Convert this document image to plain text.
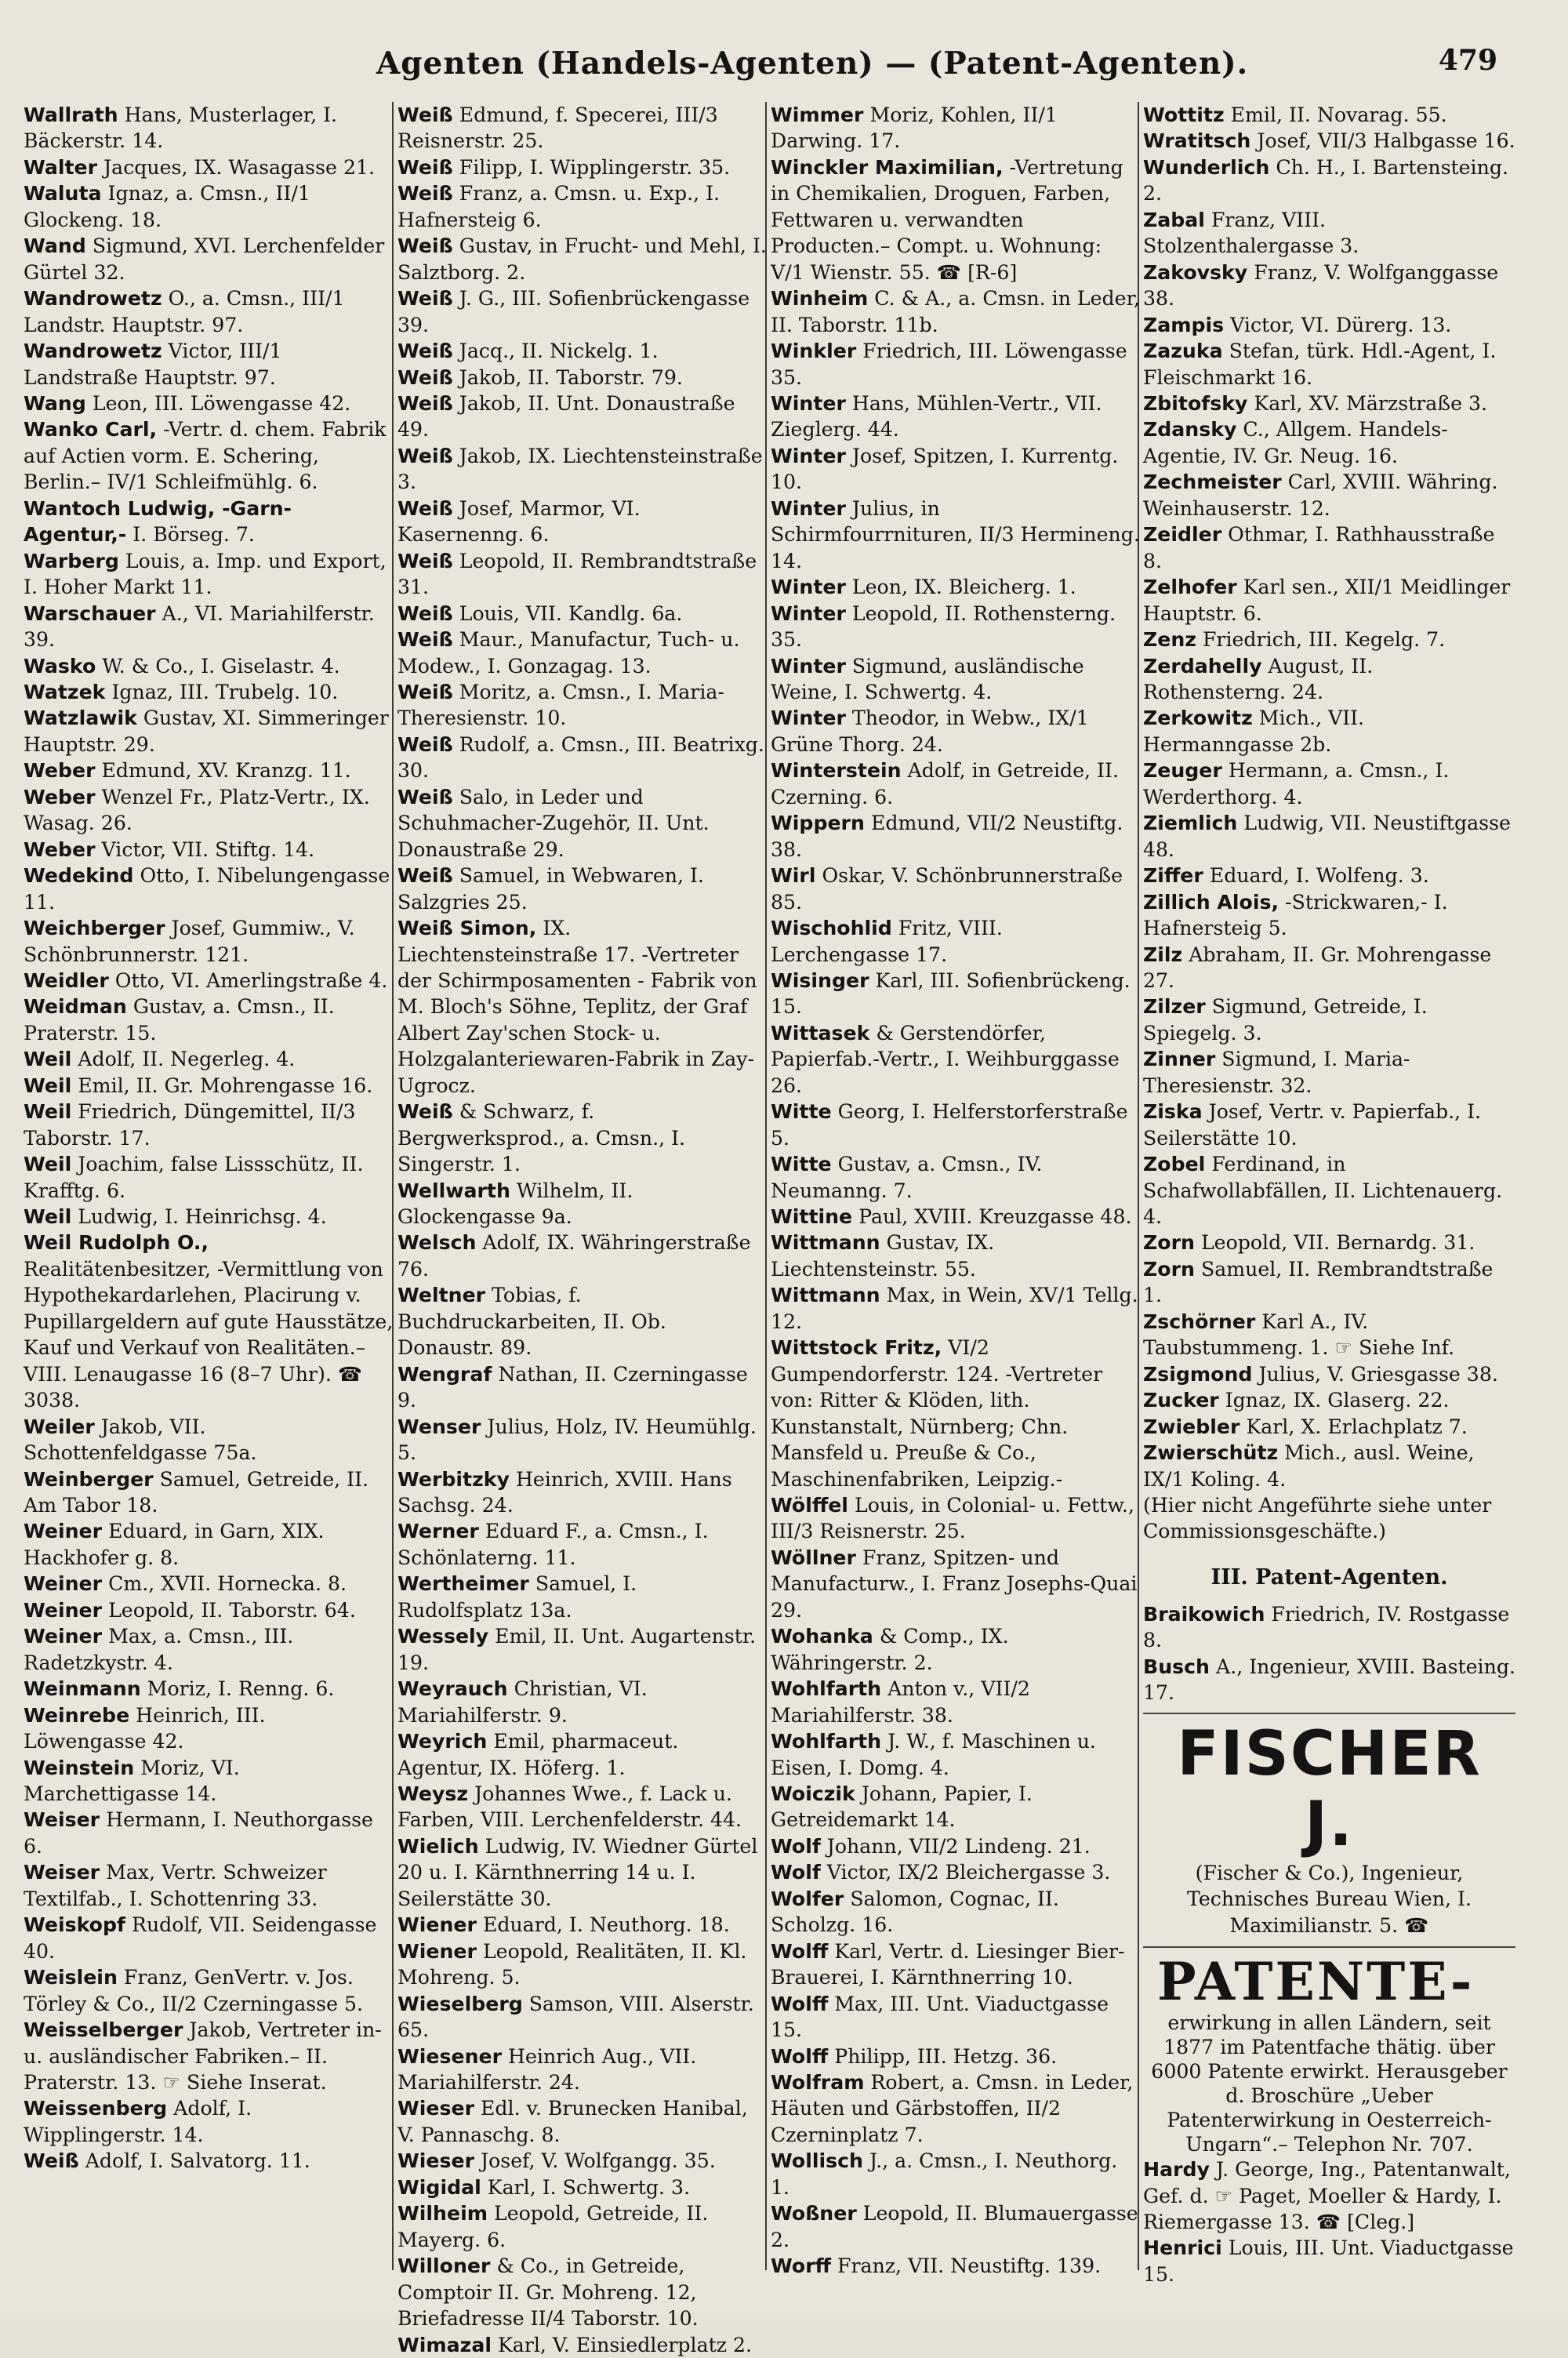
Agenten (Handels-Agenten) — (Patent-Agenten).	479
Wallrath Hans, Musterlager, I. Bäckerstr. 14.
Walter Jacques, IX. Wasagasse 21.
Waluta Ignaz, a. Cmsn., II/1 Glockeng. 18.
Wand Sigmund, XVI. Lerchenfelder Gürtel 32.
Wandrowetz O., a. Cmsn., III/1 Landstr. Hauptstr. 97.
Wandrowetz Victor, III/1 Landstraße Hauptstr. 97.
Wang Leon, III. Löwengasse 42.
Wanko Carl, -Vertr. d. chem. Fabrik auf Actien vorm. E. Schering, Berlin.– IV/1 Schleifmühlg. 6.
Wantoch Ludwig, -Garn-Agentur,- I. Börseg. 7.
Warberg Louis, a. Imp. und Export, I. Hoher Markt 11.
Warschauer A., VI. Mariahilferstr. 39.
Wasko W. & Co., I. Giselastr. 4.
Watzek Ignaz, III. Trubelg. 10.
Watzlawik Gustav, XI. Simmeringer Hauptstr. 29.
Weber Edmund, XV. Kranzg. 11.
Weber Wenzel Fr., Platz-Vertr., IX. Wasag. 26.
Weber Victor, VII. Stiftg. 14.
Wedekind Otto, I. Nibelungengasse 11.
Weichberger Josef, Gummiw., V. Schönbrunnerstr. 121.
Weidler Otto, VI. Amerlingstraße 4.
Weidman Gustav, a. Cmsn., II. Praterstr. 15.
Weil Adolf, II. Negerleg. 4.
Weil Emil, II. Gr. Mohrengasse 16.
Weil Friedrich, Düngemittel, II/3 Taborstr. 17.
Weil Joachim, false Lissschütz, II. Krafftg. 6.
Weil Ludwig, I. Heinrichsg. 4.
Weil Rudolph O., Realitätenbesitzer, -Vermittlung von Hypothekardarlehen, Placirung v. Pupillargeldern auf gute Hausstätze, Kauf und Verkauf von Realitäten.– VIII. Lenaugasse 16 (8–7 Uhr). ☎ 3038.
Weiler Jakob, VII. Schottenfeldgasse 75a.
Weinberger Samuel, Getreide, II. Am Tabor 18.
Weiner Eduard, in Garn, XIX. Hackhofer g. 8.
Weiner Cm., XVII. Hornecka. 8.
Weiner Leopold, II. Taborstr. 64.
Weiner Max, a. Cmsn., III. Radetzkystr. 4.
Weinmann Moriz, I. Renng. 6.
Weinrebe Heinrich, III. Löwengasse 42.
Weinstein Moriz, VI. Marchettigasse 14.
Weiser Hermann, I. Neuthorgasse 6.
Weiser Max, Vertr. Schweizer Textilfab., I. Schottenring 33.
Weiskopf Rudolf, VII. Seidengasse 40.
Weislein Franz, GenVertr. v. Jos. Törley & Co., II/2 Czerningasse 5.
Weisselberger Jakob, Vertreter in- u. ausländischer Fabriken.– II. Praterstr. 13. ☞ Siehe Inserat.
Weissenberg Adolf, I. Wipplingerstr. 14.
Weiß Adolf, I. Salvatorg. 11.
Weiß Edmund, f. Specerei, III/3 Reisnerstr. 25.
Weiß Filipp, I. Wipplingerstr. 35.
Weiß Franz, a. Cmsn. u. Exp., I. Hafnersteig 6.
Weiß Gustav, in Frucht- und Mehl, I. Salztborg. 2.
Weiß J. G., III. Sofienbrückengasse 39.
Weiß Jacq., II. Nickelg. 1.
Weiß Jakob, II. Taborstr. 79.
Weiß Jakob, II. Unt. Donaustraße 49.
Weiß Jakob, IX. Liechtensteinstraße 3.
Weiß Josef, Marmor, VI. Kasernenng. 6.
Weiß Leopold, II. Rembrandtstraße 31.
Weiß Louis, VII. Kandlg. 6a.
Weiß Maur., Manufactur, Tuch- u. Modew., I. Gonzagag. 13.
Weiß Moritz, a. Cmsn., I. Maria-Theresienstr. 10.
Weiß Rudolf, a. Cmsn., III. Beatrixg. 30.
Weiß Salo, in Leder und Schuhmacher-Zugehör, II. Unt. Donaustraße 29.
Weiß Samuel, in Webwaren, I. Salzgries 25.
Weiß Simon, IX. Liechtensteinstraße 17. -Vertreter der Schirmposamenten - Fabrik von M. Bloch's Söhne, Teplitz, der Graf Albert Zay'schen Stock- u. Holzgalanteriewaren-Fabrik in Zay-Ugrocz.
Weiß & Schwarz, f. Bergwerksprod., a. Cmsn., I. Singerstr. 1.
Wellwarth Wilhelm, II. Glockengasse 9a.
Welsch Adolf, IX. Währingerstraße 76.
Weltner Tobias, f. Buchdruckarbeiten, II. Ob. Donaustr. 89.
Wengraf Nathan, II. Czerningasse 9.
Wenser Julius, Holz, IV. Heumühlg. 5.
Werbitzky Heinrich, XVIII. Hans Sachsg. 24.
Werner Eduard F., a. Cmsn., I. Schönlaterng. 11.
Wertheimer Samuel, I. Rudolfsplatz 13a.
Wessely Emil, II. Unt. Augartenstr. 19.
Weyrauch Christian, VI. Mariahilferstr. 9.
Weyrich Emil, pharmaceut. Agentur, IX. Höferg. 1.
Weysz Johannes Wwe., f. Lack u. Farben, VIII. Lerchenfelderstr. 44.
Wielich Ludwig, IV. Wiedner Gürtel 20 u. I. Kärnthnerring 14 u. I. Seilerstätte 30.
Wiener Eduard, I. Neuthorg. 18.
Wiener Leopold, Realitäten, II. Kl. Mohreng. 5.
Wieselberg Samson, VIII. Alserstr. 65.
Wiesener Heinrich Aug., VII. Mariahilferstr. 24.
Wieser Edl. v. Brunecken Hanibal, V. Pannaschg. 8.
Wieser Josef, V. Wolfgangg. 35.
Wigidal Karl, I. Schwertg. 3.
Wilheim Leopold, Getreide, II. Mayerg. 6.
Willoner & Co., in Getreide, Comptoir II. Gr. Mohreng. 12, Briefadresse II/4 Taborstr. 10.
Wimazal Karl, V. Einsiedlerplatz 2.
Wimmer Moriz, Kohlen, II/1 Darwing. 17.
Winckler Maximilian, -Vertretung in Chemikalien, Droguen, Farben, Fettwaren u. verwandten Producten.– Compt. u. Wohnung: V/1 Wienstr. 55. ☎ [R-6]
Winheim C. & A., a. Cmsn. in Leder, II. Taborstr. 11b.
Winkler Friedrich, III. Löwengasse 35.
Winter Hans, Mühlen-Vertr., VII. Zieglerg. 44.
Winter Josef, Spitzen, I. Kurrentg. 10.
Winter Julius, in Schirmfourrnituren, II/3 Hermineng. 14.
Winter Leon, IX. Bleicherg. 1.
Winter Leopold, II. Rothensterng. 35.
Winter Sigmund, ausländische Weine, I. Schwertg. 4.
Winter Theodor, in Webw., IX/1 Grüne Thorg. 24.
Winterstein Adolf, in Getreide, II. Czerning. 6.
Wippern Edmund, VII/2 Neustiftg. 38.
Wirl Oskar, V. Schönbrunnerstraße 85.
Wischohlid Fritz, VIII. Lerchengasse 17.
Wisinger Karl, III. Sofienbrückeng. 15.
Wittasek & Gerstendörfer, Papierfab.-Vertr., I. Weihburggasse 26.
Witte Georg, I. Helferstorferstraße 5.
Witte Gustav, a. Cmsn., IV. Neumanng. 7.
Wittine Paul, XVIII. Kreuzgasse 48.
Wittmann Gustav, IX. Liechtensteinstr. 55.
Wittmann Max, in Wein, XV/1 Tellg. 12.
Wittstock Fritz, VI/2 Gumpendorferstr. 124. -Vertreter von: Ritter & Klöden, lith. Kunstanstalt, Nürnberg; Chn. Mansfeld u. Preuße & Co., Maschinenfabriken, Leipzig.-
Wölffel Louis, in Colonial- u. Fettw., III/3 Reisnerstr. 25.
Wöllner Franz, Spitzen- und Manufacturw., I. Franz Josephs-Quai 29.
Wohanka & Comp., IX. Währingerstr. 2.
Wohlfarth Anton v., VII/2 Mariahilferstr. 38.
Wohlfarth J. W., f. Maschinen u. Eisen, I. Domg. 4.
Woiczik Johann, Papier, I. Getreidemarkt 14.
Wolf Johann, VII/2 Lindeng. 21.
Wolf Victor, IX/2 Bleichergasse 3.
Wolfer Salomon, Cognac, II. Scholzg. 16.
Wolff Karl, Vertr. d. Liesinger Bier-Brauerei, I. Kärnthnerring 10.
Wolff Max, III. Unt. Viaductgasse 15.
Wolff Philipp, III. Hetzg. 36.
Wolfram Robert, a. Cmsn. in Leder, Häuten und Gärbstoffen, II/2 Czerninplatz 7.
Wollisch J., a. Cmsn., I. Neuthorg. 1.
Woßner Leopold, II. Blumauergasse 2.
Worff Franz, VII. Neustiftg. 139.
Wottitz Emil, II. Novarag. 55.
Wratitsch Josef, VII/3 Halbgasse 16.
Wunderlich Ch. H., I. Bartensteing. 2.
Zabal Franz, VIII. Stolzenthalergasse 3.
Zakovsky Franz, V. Wolfganggasse 38.
Zampis Victor, VI. Dürerg. 13.
Zazuka Stefan, türk. Hdl.-Agent, I. Fleischmarkt 16.
Zbitofsky Karl, XV. Märzstraße 3.
Zdansky C., Allgem. Handels-Agentie, IV. Gr. Neug. 16.
Zechmeister Carl, XVIII. Währing. Weinhauserstr. 12.
Zeidler Othmar, I. Rathhausstraße 8.
Zelhofer Karl sen., XII/1 Meidlinger Hauptstr. 6.
Zenz Friedrich, III. Kegelg. 7.
Zerdahelly August, II. Rothensterng. 24.
Zerkowitz Mich., VII. Hermanngasse 2b.
Zeuger Hermann, a. Cmsn., I. Werderthorg. 4.
Ziemlich Ludwig, VII. Neustiftgasse 48.
Ziffer Eduard, I. Wolfeng. 3.
Zillich Alois, -Strickwaren,- I. Hafnersteig 5.
Zilz Abraham, II. Gr. Mohrengasse 27.
Zilzer Sigmund, Getreide, I. Spiegelg. 3.
Zinner Sigmund, I. Maria-Theresienstr. 32.
Ziska Josef, Vertr. v. Papierfab., I. Seilerstätte 10.
Zobel Ferdinand, in Schafwollabfällen, II. Lichtenauerg. 4.
Zorn Leopold, VII. Bernardg. 31.
Zorn Samuel, II. Rembrandtstraße 1.
Zschörner Karl A., IV. Taubstummeng. 1. ☞ Siehe Inf.
Zsigmond Julius, V. Griesgasse 38.
Zucker Ignaz, IX. Glaserg. 22.
Zwiebler Karl, X. Erlachplatz 7.
Zwierschütz Mich., ausl. Weine, IX/1 Koling. 4.
(Hier nicht Angeführte siehe unter Commissionsgeschäfte.)
III. Patent-Agenten.
Braikowich Friedrich, IV. Rostgasse 8.
Busch A., Ingenieur, XVIII. Basteing. 17.
FISCHER J.
(Fischer & Co.), Ingenieur, Technisches Bureau Wien, I. Maximilianstr. 5. ☎
PATENTE-
erwirkung in allen Ländern, seit 1877 im Patentfache thätig. über 6000 Patente erwirkt. Herausgeber d. Broschüre „Ueber Patenterwirkung in Oesterreich-Ungarn“.– Telephon Nr. 707.
Hardy J. George, Ing., Patentanwalt, Gef. d. ☞ Paget, Moeller & Hardy, I. Riemergasse 13. ☎ [Cleg.]
Henrici Louis, III. Unt. Viaductgasse 15.
